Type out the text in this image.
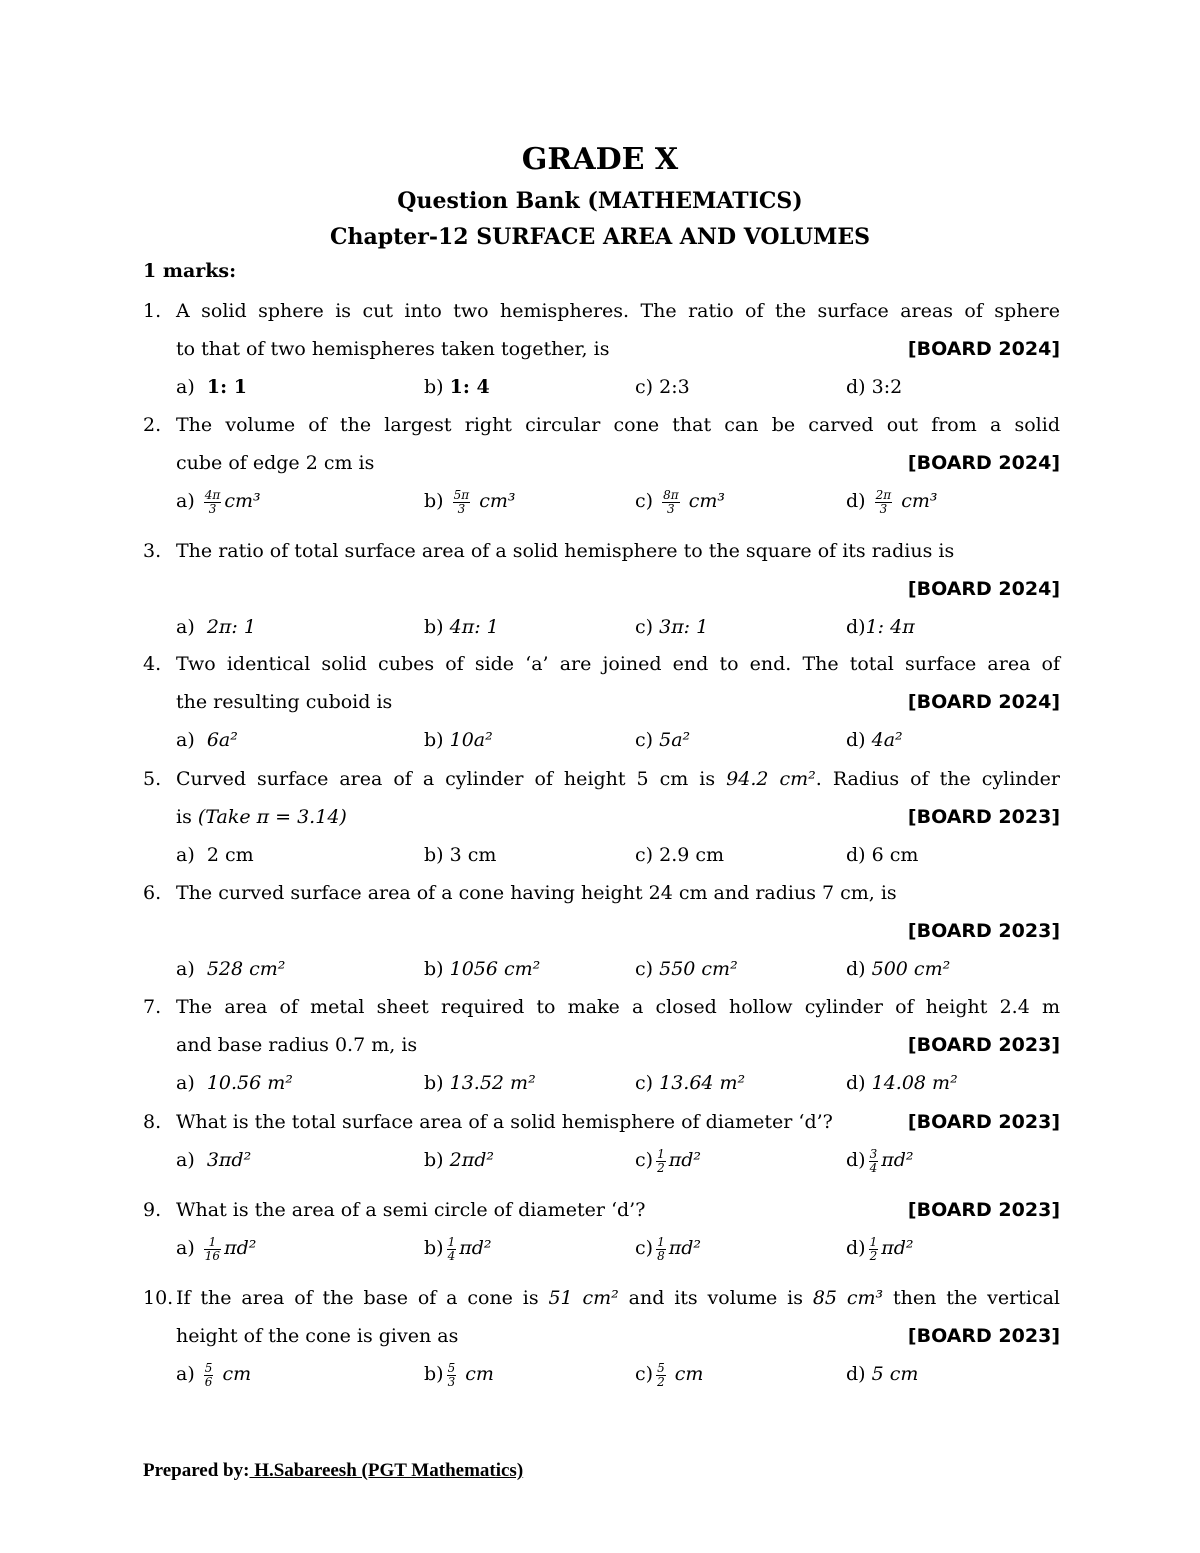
GRADE X
Question Bank (MATHEMATICS)
Chapter-12 SURFACE AREA AND VOLUMES
1 marks:
1. A solid sphere is cut into two hemispheres. The ratio of the surface areas of sphere
to that of two hemispheres taken together, is	[BOARD 2024]
a) 1: 1	b) 1: 4	c) 2:3	d) 3:2
2. The volume of the largest right circular cone that can be carved out from a solid
cube of edge 2 cm is	[BOARD 2024]
$a) \frac{4\pi}{3} cm^3$	$b) \frac{5\pi}{3} cm^3$	$c) \frac{8\pi}{3} cm^3$	$d) \frac{2\pi}{3} cm^3$
3. The ratio of total surface area of a solid hemisphere to the square of its radius is
[BOARD 2024]
a) 2π: 1	b) 4π: 1	c) 3π: 1	d)1: 4π
4. Two identical solid cubes of side ‘a’ are joined end to end. The total surface area of
the resulting cuboid is	[BOARD 2024]
a) 6a²	b) 10a²	c) 5a²	d) 4a²
5. Curved surface area of a cylinder of height 5 cm is 94.2 cm². Radius of the cylinder
is (Take π = 3.14)	[BOARD 2023]
a) 2 cm	b) 3 cm	c) 2.9 cm	d) 6 cm
6. The curved surface area of a cone having height 24 cm and radius 7 cm, is
[BOARD 2023]
a) 528 cm²	b) 1056 cm²	c) 550 cm²	d) 500 cm²
7. The area of metal sheet required to make a closed hollow cylinder of height 2.4 m
and base radius 0.7 m, is	[BOARD 2023]
a) 10.56 m²	b) 13.52 m²	c) 13.64 m²	d) 14.08 m²
8. What is the total surface area of a solid hemisphere of diameter ‘d’?	[BOARD 2023]
a) 3πd²	b) 2πd²	$c) \frac{1}{2} \pi d^2$	$d) \frac{3}{4} \pi d^2$
9. What is the area of a semi circle of diameter ‘d’?	[BOARD 2023]
$a) \frac{1}{16} \pi d^2$	$b) \frac{1}{4} \pi d^2$	$c) \frac{1}{8} \pi d^2$	$d) \frac{1}{2} \pi d^2$
10. If the area of the base of a cone is 51 cm² and its volume is 85 cm³ then the vertical
height of the cone is given as	[BOARD 2023]
$a) \frac{5}{6}$ cm	$b) \frac{5}{3}$ cm	$c) \frac{5}{2}$ cm	d) 5 cm
Prepared by: H.Sabareesh (PGT Mathematics)
